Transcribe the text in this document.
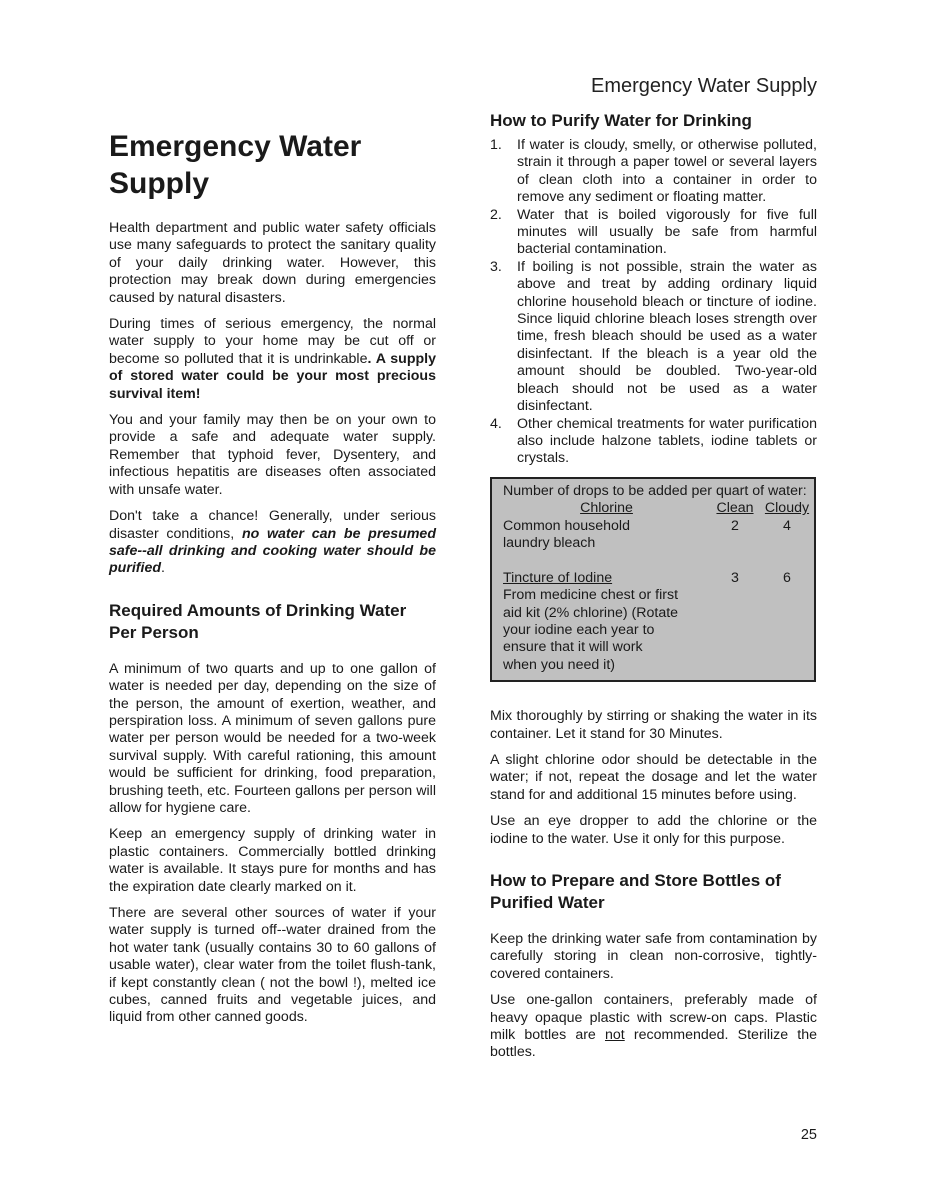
Emergency Water Supply
Emergency Water
Supply

Health department and public water safety officials use many safeguards to protect the sanitary quality of your daily drinking water. However, this protection may break down during emergencies caused by natural disasters.

During times of serious emergency, the normal water supply to your home may be cut off or become so polluted that it is undrinkable. A supply of stored water could be your most precious survival item!

You and your family may then be on your own to provide a safe and adequate water supply. Remember that typhoid fever, Dysentery, and infectious hepatitis are diseases often associated with unsafe water.

Don't take a chance! Generally, under serious disaster conditions, no water can be presumed safe--all drinking and cooking water should be purified.

Required Amounts of Drinking Water
Per Person

A minimum of two quarts and up to one gallon of water is needed per day, depending on the size of the person, the amount of exertion, weather, and perspiration loss. A minimum of seven gallons pure water per person would be needed for a two-week survival supply. With careful rationing, this amount would be sufficient for drinking, food preparation, brushing teeth, etc. Fourteen gallons per person will allow for hygiene care.

Keep an emergency supply of drinking water in plastic containers. Commercially bottled drinking water is available. It stays pure for months and has the expiration date clearly marked on it.

There are several other sources of water if your water supply is turned off--water drained from the hot water tank (usually contains 30 to 60 gallons of usable water), clear water from the toilet flush-tank, if kept constantly clean ( not the bowl !), melted ice cubes, canned fruits and vegetable juices, and liquid from other canned goods.

How to Purify Water for Drinking
1. If water is cloudy, smelly, or otherwise polluted, strain it through a paper towel or several layers of clean cloth into a container in order to remove any sediment or floating matter.
2. Water that is boiled vigorously for five full minutes will usually be safe from harmful bacterial contamination.
3. If boiling is not possible, strain the water as above and treat by adding ordinary liquid chlorine household bleach or tincture of iodine. Since liquid chlorine bleach loses strength over time, fresh bleach should be used as a water disinfectant. If the bleach is a year old the amount should be doubled. Two-year-old bleach should not be used as a water disinfectant.
4. Other chemical treatments for water purification also include halzone tablets, iodine tablets or crystals.
Number of drops to be added per quart of water:
Chlorine	Clean Cloudy
Common household	2	4
laundry bleach
Tincture of Iodine	3	6
From medicine chest or first
aid kit (2% chlorine) (Rotate
your iodine each year to
ensure that it will work
when you need it)

Mix thoroughly by stirring or shaking the water in its container. Let it stand for 30 Minutes.

A slight chlorine odor should be detectable in the water; if not, repeat the dosage and let the water stand for and additional 15 minutes before using.

Use an eye dropper to add the chlorine or the iodine to the water. Use it only for this purpose.

How to Prepare and Store Bottles of
Purified Water

Keep the drinking water safe from contamination by carefully storing in clean non-corrosive, tightly-covered containers.

Use one-gallon containers, preferably made of heavy opaque plastic with screw-on caps. Plastic milk bottles are not recommended. Sterilize the bottles.

25
